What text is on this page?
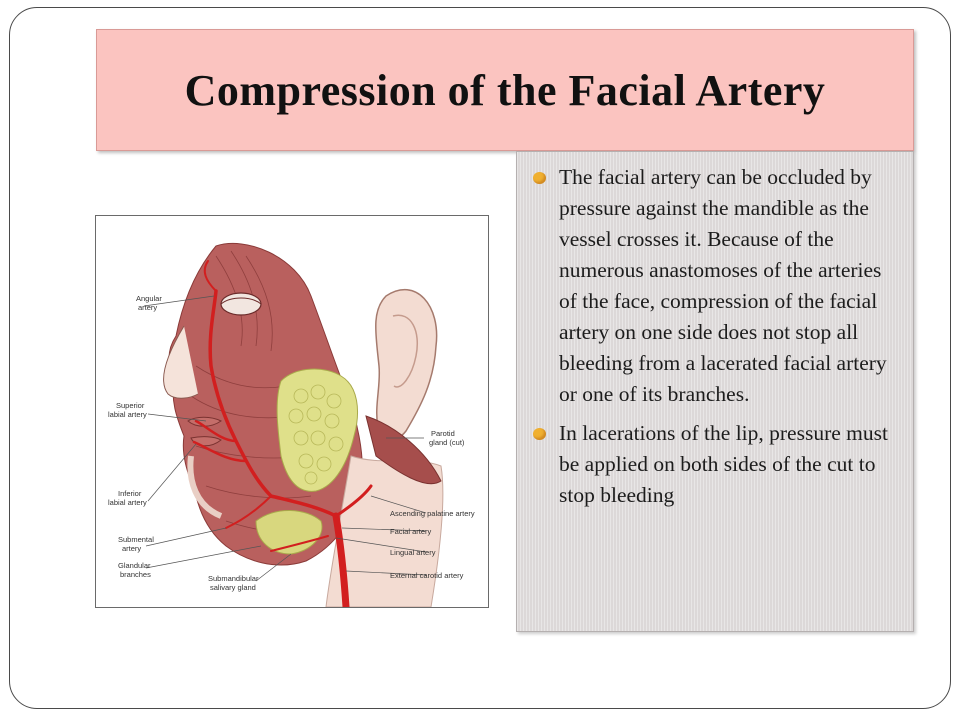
Compression of the Facial Artery
Angular artery
Superior labial artery
Inferior labial artery
Submental artery
Glandular branches	Submandibular salivary gland
Parotid gland (cut)
Ascending palatine artery
Facial artery
Lingual artery
External carotid artery
The facial artery can be occluded by pressure against the mandible as the vessel crosses it. Because of the numerous anastomoses of the arteries of the face, compression of the facial artery on one side does not stop all bleeding from a lacerated facial artery or one of its branches.
In lacerations of the lip, pressure must be applied on both sides of the cut to stop bleeding
